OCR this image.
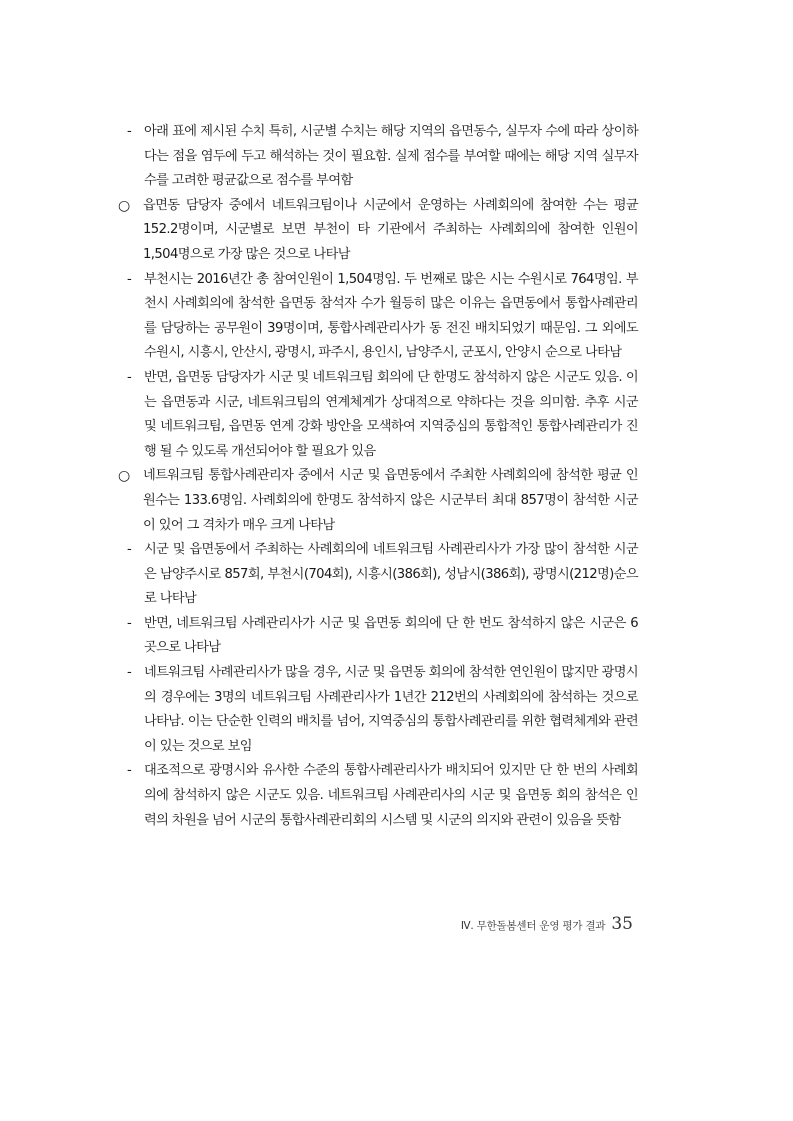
- 아래 표에 제시된 수치 특히, 시군별 수치는 해당 지역의 읍면동수, 실무자 수에 따라 상이하다는 점을 염두에 두고 해석하는 것이 필요함. 실제 점수를 부여할 때에는 해당 지역 실무자 수를 고려한 평균값으로 점수를 부여함
○ 읍면동 담당자 중에서 네트워크팀이나 시군에서 운영하는 사례회의에 참여한 수는 평균 152.2명이며, 시군별로 보면 부천이 타 기관에서 주최하는 사례회의에 참여한 인원이 1,504명으로 가장 많은 것으로 나타남
- 부천시는 2016년간 총 참여인원이 1,504명임. 두 번째로 많은 시는 수원시로 764명임. 부천시 사례회의에 참석한 읍면동 참석자 수가 월등히 많은 이유는 읍면동에서 통합사례관리를 담당하는 공무원이 39명이며, 통합사례관리사가 동 전진 배치되었기 때문임. 그 외에도 수원시, 시흥시, 안산시, 광명시, 파주시, 용인시, 남양주시, 군포시, 안양시 순으로 나타남
- 반면, 읍면동 담당자가 시군 및 네트워크팀 회의에 단 한명도 참석하지 않은 시군도 있음. 이는 읍면동과 시군, 네트워크팀의 연계체계가 상대적으로 약하다는 것을 의미함. 추후 시군 및 네트워크팀, 읍면동 연계 강화 방안을 모색하여 지역중심의 통합적인 통합사례관리가 진행 될 수 있도록 개선되어야 할 필요가 있음
○ 네트워크팀 통합사례관리자 중에서 시군 및 읍면동에서 주최한 사례회의에 참석한 평균 인원수는 133.6명임. 사례회의에 한명도 참석하지 않은 시군부터 최대 857명이 참석한 시군이 있어 그 격차가 매우 크게 나타남
- 시군 및 읍면동에서 주최하는 사례회의에 네트워크팀 사례관리사가 가장 많이 참석한 시군은 남양주시로 857회, 부천시(704회), 시흥시(386회), 성남시(386회), 광명시(212명)순으로 나타남
- 반면, 네트워크팀 사례관리사가 시군 및 읍면동 회의에 단 한 번도 참석하지 않은 시군은 6곳으로 나타남
- 네트워크팀 사례관리사가 많을 경우, 시군 및 읍면동 회의에 참석한 연인원이 많지만 광명시의 경우에는 3명의 네트워크팀 사례관리사가 1년간 212번의 사례회의에 참석하는 것으로 나타남. 이는 단순한 인력의 배치를 넘어, 지역중심의 통합사례관리를 위한 협력체계와 관련이 있는 것으로 보임
- 대조적으로 광명시와 유사한 수준의 통합사례관리사가 배치되어 있지만 단 한 번의 사례회의에 참석하지 않은 시군도 있음. 네트워크팀 사례관리사의 시군 및 읍면동 회의 참석은 인력의 차원을 넘어 시군의 통합사례관리회의 시스템 및 시군의 의지와 관련이 있음을 뜻함
Ⅳ. 무한돌봄센터 운영 평가 결과 35
